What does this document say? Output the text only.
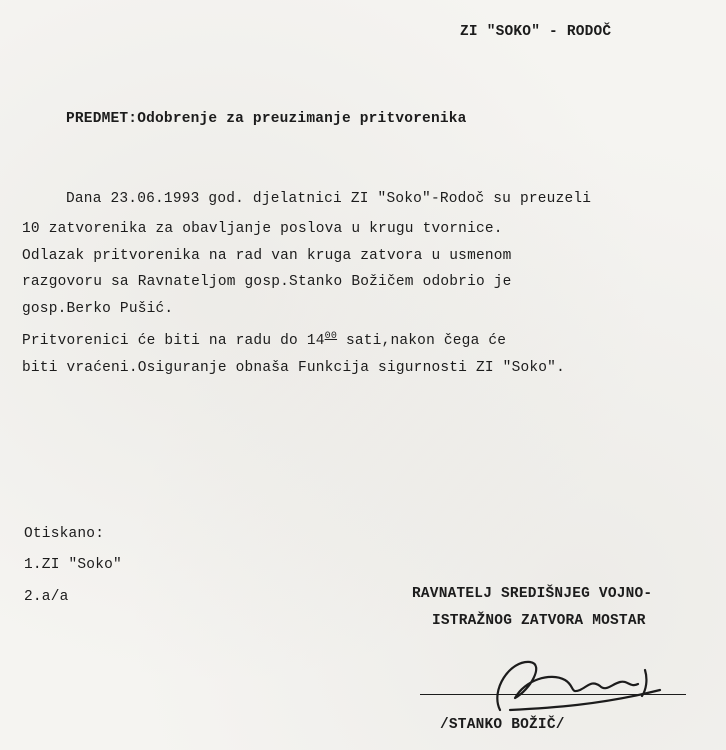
ZI "SOKO" - RODOČ
PREDMET:Odobrenje za preuzimanje pritvorenika
Dana 23.06.1993 god. djelatnici ZI "Soko"-Rodoč su preuzeli
10 zatvorenika za obavljanje poslova u krugu tvornice.
Odlazak pritvorenika na rad van kruga zatvora u usmenom
razgovoru sa Ravnateljom gosp.Stanko Božičem odobrio je
gosp.Berko Pušić.
Pritvorenici će biti na radu do $14^{00}$ sati,nakon čega će
biti vraćeni.Osiguranje obnaša Funkcija sigurnosti ZI "Soko".
Otiskano:
1.ZI "Soko"
2.a/a	RAVNATELJ SREDIŠNJEG VOJNO-
ISTRAŽNOG ZATVORA MOSTAR
/STANKO BOŽIČ/
